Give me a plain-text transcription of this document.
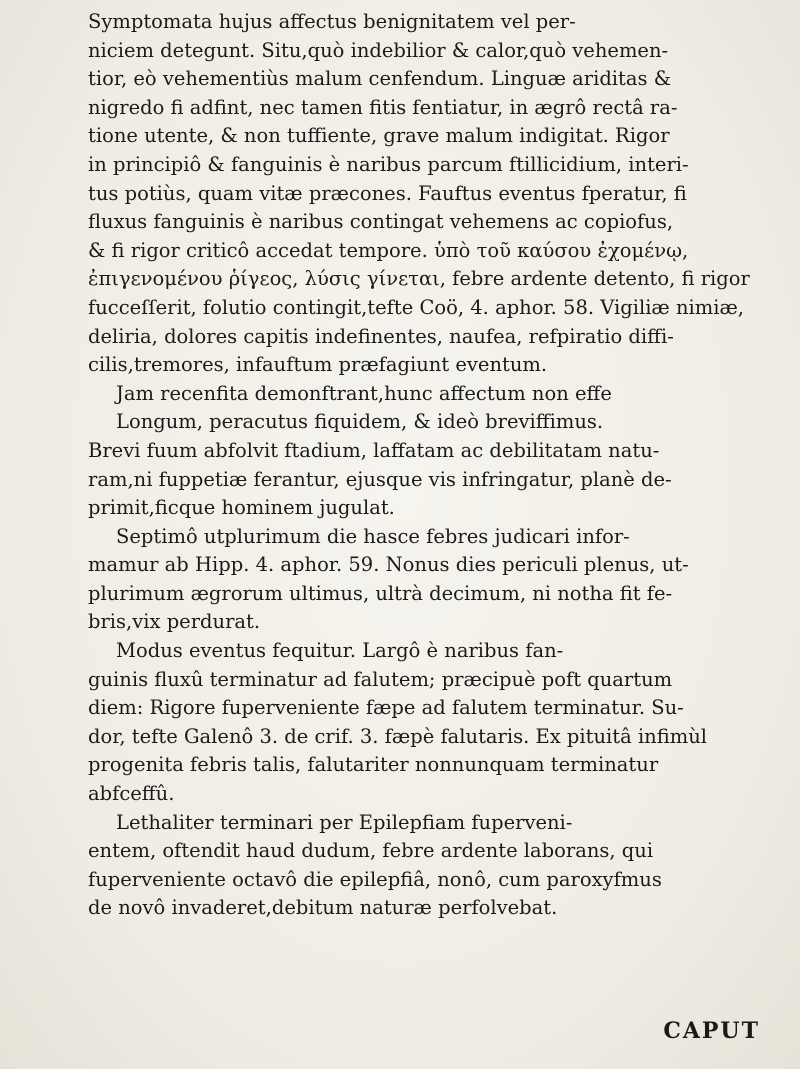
Symptomata hujus affectus benignitatem vel per-
niciem detegunt. Situ,quò indebilior & calor,quò vehemen-
tior, eò vehementiùs malum cenfendum. Linguæ ariditas &
nigredo fi adfint, nec tamen fitis fentiatur, in ægrô rectâ ra-
tione utente, & non tuffiente, grave malum indigitat. Rigor
in principiô & fanguinis è naribus parcum ftillicidium, interi-
tus potiùs, quam vitæ præcones. Fauftus eventus fperatur, fi
fluxus fanguinis è naribus contingat vehemens ac copiofus,
& fi rigor criticô accedat tempore. ὑπὸ τοῦ καύσου ἐχομένῳ,
ἐπιγενομένου ῥίγεος, λύσις γίνεται, febre ardente detento, fi rigor
fucceſſerit, folutio contingit,tefte Coö, 4. aphor. 58. Vigiliæ nimiæ,
deliria, dolores capitis indefinentes, naufea, refpiratio diffi-
cilis,tremores, infauftum præfagiunt eventum.
Jam recenfita demonftrant,hunc affectum non effe
Longum, peracutus fiquidem, & ideò breviffimus.
Brevi fuum abfolvit ftadium, laffatam ac debilitatam natu-
ram,ni fuppetiæ ferantur, ejusque vis infringatur, planè de-
primit,ficque hominem jugulat.
Septimô utplurimum die hasce febres judicari infor-
mamur ab Hipp. 4. aphor. 59. Nonus dies periculi plenus, ut-
plurimum ægrorum ultimus, ultrà decimum, ni notha fit fe-
bris,vix perdurat.
Modus eventus fequitur. Largô è naribus fan-
guinis fluxû terminatur ad falutem; præcipuè poft quartum
diem: Rigore fuperveniente fæpe ad falutem terminatur. Su-
dor, tefte Galenô 3. de crif. 3. fæpè falutaris. Ex pituitâ infimùl
progenita febris talis, falutariter nonnunquam terminatur
abfceffû.
Lethaliter terminari per Epilepfiam fuperveni-
entem, oftendit haud dudum, febre ardente laborans, qui
fuperveniente octavô die epilepfiâ, nonô, cum paroxyfmus
de novô invaderet,debitum naturæ perfolvebat.
CAPUT
